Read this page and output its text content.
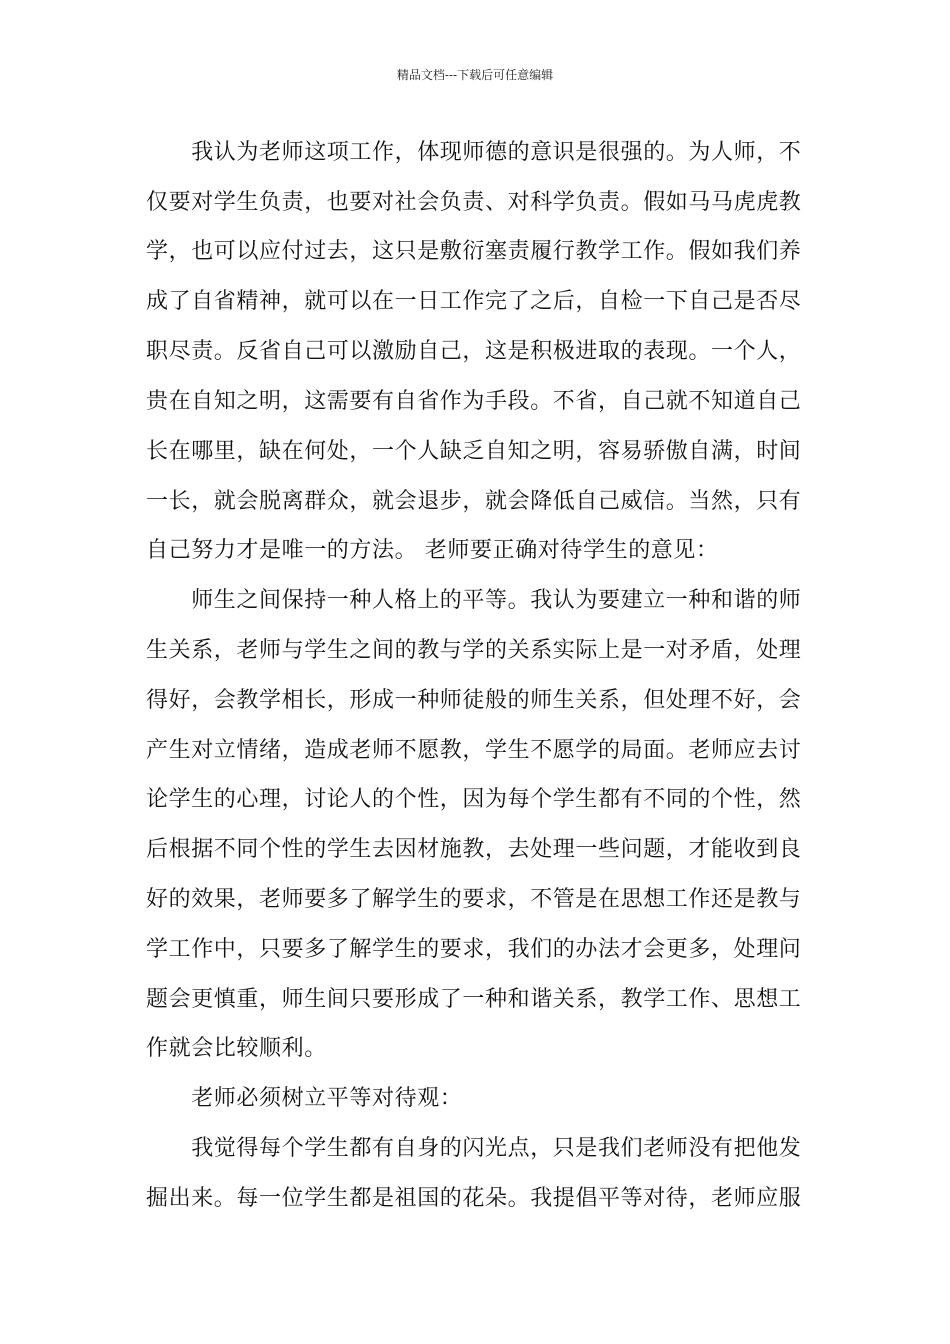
精品文档---下载后可任意编辑
　　我认为老师这项工作，体现师德的意识是很强的。为人师，不
仅要对学生负责，也要对社会负责、对科学负责。假如马马虎虎教
学，也可以应付过去，这只是敷衍塞责履行教学工作。假如我们养
成了自省精神，就可以在一日工作完了之后，自检一下自己是否尽
职尽责。反省自己可以激励自己，这是积极进取的表现。一个人，
贵在自知之明，这需要有自省作为手段。不省，自己就不知道自己
长在哪里，缺在何处，一个人缺乏自知之明，容易骄傲自满，时间
一长，就会脱离群众，就会退步，就会降低自己威信。当然，只有
自己努力才是唯一的方法。 老师要正确对待学生的意见：
　　师生之间保持一种人格上的平等。我认为要建立一种和谐的师
生关系，老师与学生之间的教与学的关系实际上是一对矛盾，处理
得好，会教学相长，形成一种师徒般的师生关系，但处理不好，会
产生对立情绪，造成老师不愿教，学生不愿学的局面。老师应去讨
论学生的心理，讨论人的个性，因为每个学生都有不同的个性，然
后根据不同个性的学生去因材施教，去处理一些问题，才能收到良
好的效果，老师要多了解学生的要求，不管是在思想工作还是教与
学工作中，只要多了解学生的要求，我们的办法才会更多，处理问
题会更慎重，师生间只要形成了一种和谐关系，教学工作、思想工
作就会比较顺利。
　　老师必须树立平等对待观：
　　我觉得每个学生都有自身的闪光点，只是我们老师没有把他发
掘出来。每一位学生都是祖国的花朵。我提倡平等对待，老师应服
